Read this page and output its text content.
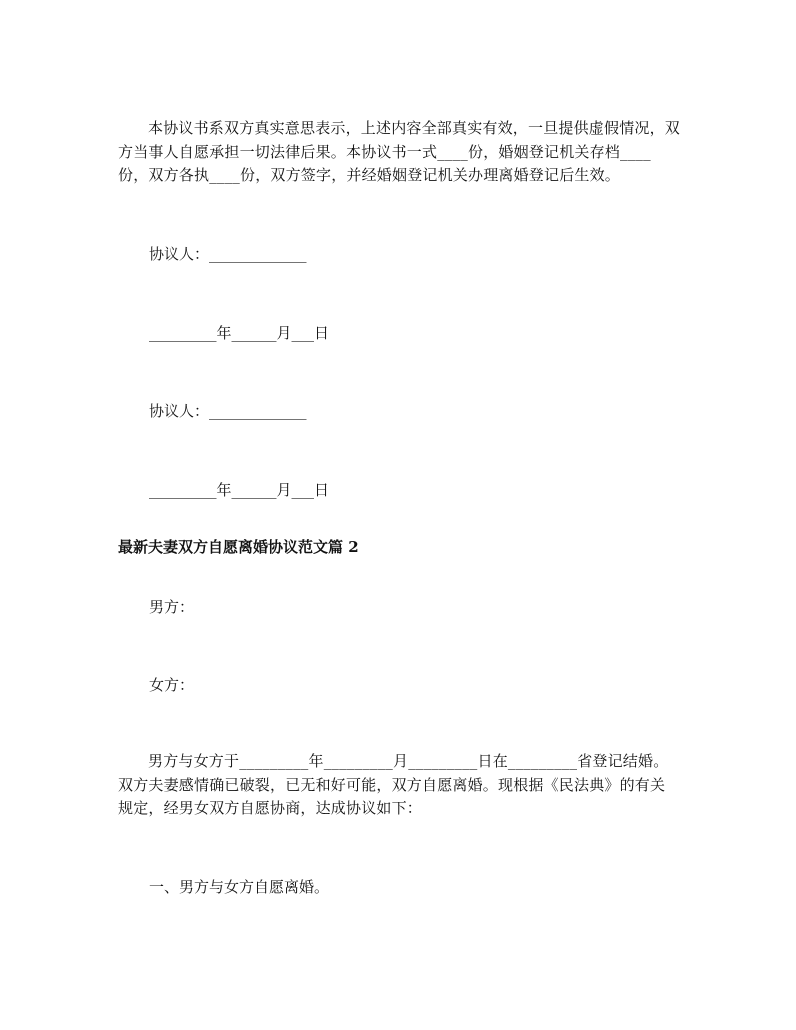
本协议书系双方真实意思表示，上述内容全部真实有效，一旦提供虚假情况，双方当事人自愿承担一切法律后果。本协议书一式____份，婚姻登记机关存档____份，双方各执____份，双方签字，并经婚姻登记机关办理离婚登记后生效。

协议人：_____________

_________年______月___日

协议人：_____________

_________年______月___日

最新夫妻双方自愿离婚协议范文篇 2

男方：

女方：

男方与女方于_________年_________月_________日在_________省登记结婚。双方夫妻感情确已破裂，已无和好可能，双方自愿离婚。现根据《民法典》的有关规定，经男女双方自愿协商，达成协议如下：

一、男方与女方自愿离婚。
